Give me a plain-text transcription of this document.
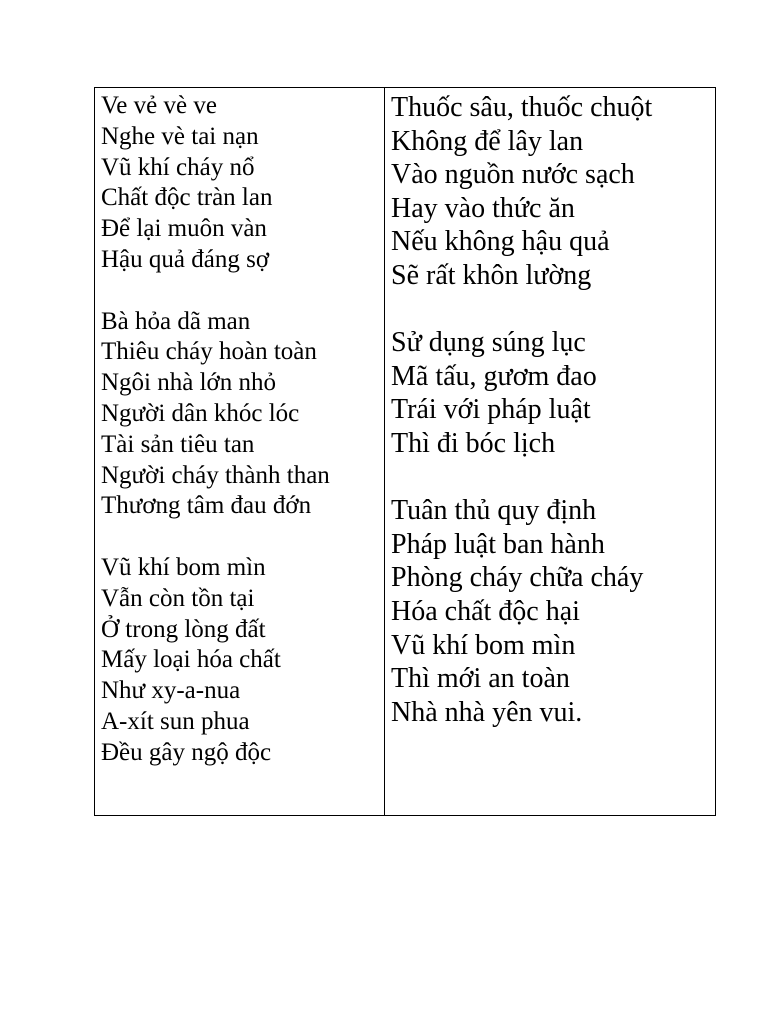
Ve vẻ vè ve
Nghe vè tai nạn
Vũ khí cháy nổ
Chất độc tràn lan
Để lại muôn vàn
Hậu quả đáng sợ
Bà hỏa dã man
Thiêu cháy hoàn toàn
Ngôi nhà lớn nhỏ
Người dân khóc lóc
Tài sản tiêu tan
Người cháy thành than
Thương tâm đau đớn
Vũ khí bom mìn
Vẫn còn tồn tại
Ở trong lòng đất
Mấy loại hóa chất
Như xy-a-nua
A-xít sun phua
Đều gây ngộ độc
Thuốc sâu, thuốc chuột
Không để lây lan
Vào nguồn nước sạch
Hay vào thức ăn
Nếu không hậu quả
Sẽ rất khôn lường
Sử dụng súng lục
Mã tấu, gươm đao
Trái với pháp luật
Thì đi bóc lịch
Tuân thủ quy định
Pháp luật ban hành
Phòng cháy chữa cháy
Hóa chất độc hại
Vũ khí bom mìn
Thì mới an toàn
Nhà nhà yên vui.
